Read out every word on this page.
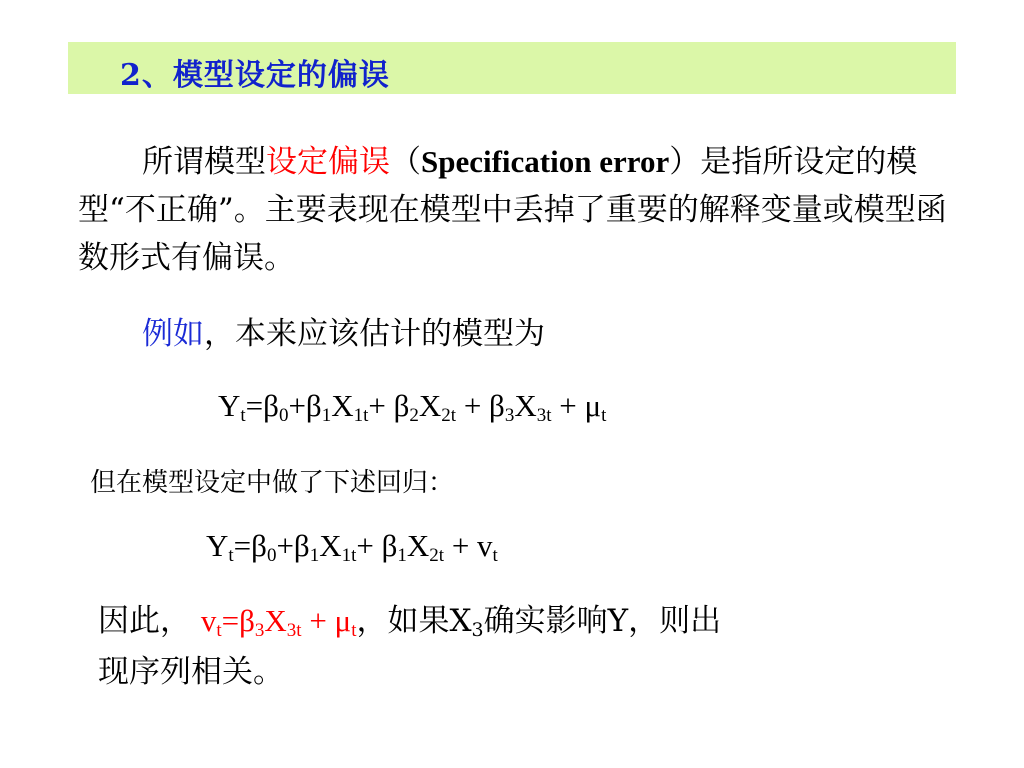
2、模型设定的偏误
所谓模型设定偏误（Specification error）是指所设定的模型“不正确”。主要表现在模型中丢掉了重要的解释变量或模型函数形式有偏误。
例如，本来应该估计的模型为
$Y_t=\beta_0+\beta_1X_{1t}+ \beta_2X_{2t} + \beta_3X_{3t} + \mu_t$
但在模型设定中做了下述回归：
$Y_t=\beta_0+\beta_1X_{1t}+ \beta_1X_{2t} + v_t$
因此， $v_t=\beta_3X_{3t} + \mu_t$，如果$X_3$确实影响Y，则出
现序列相关。
